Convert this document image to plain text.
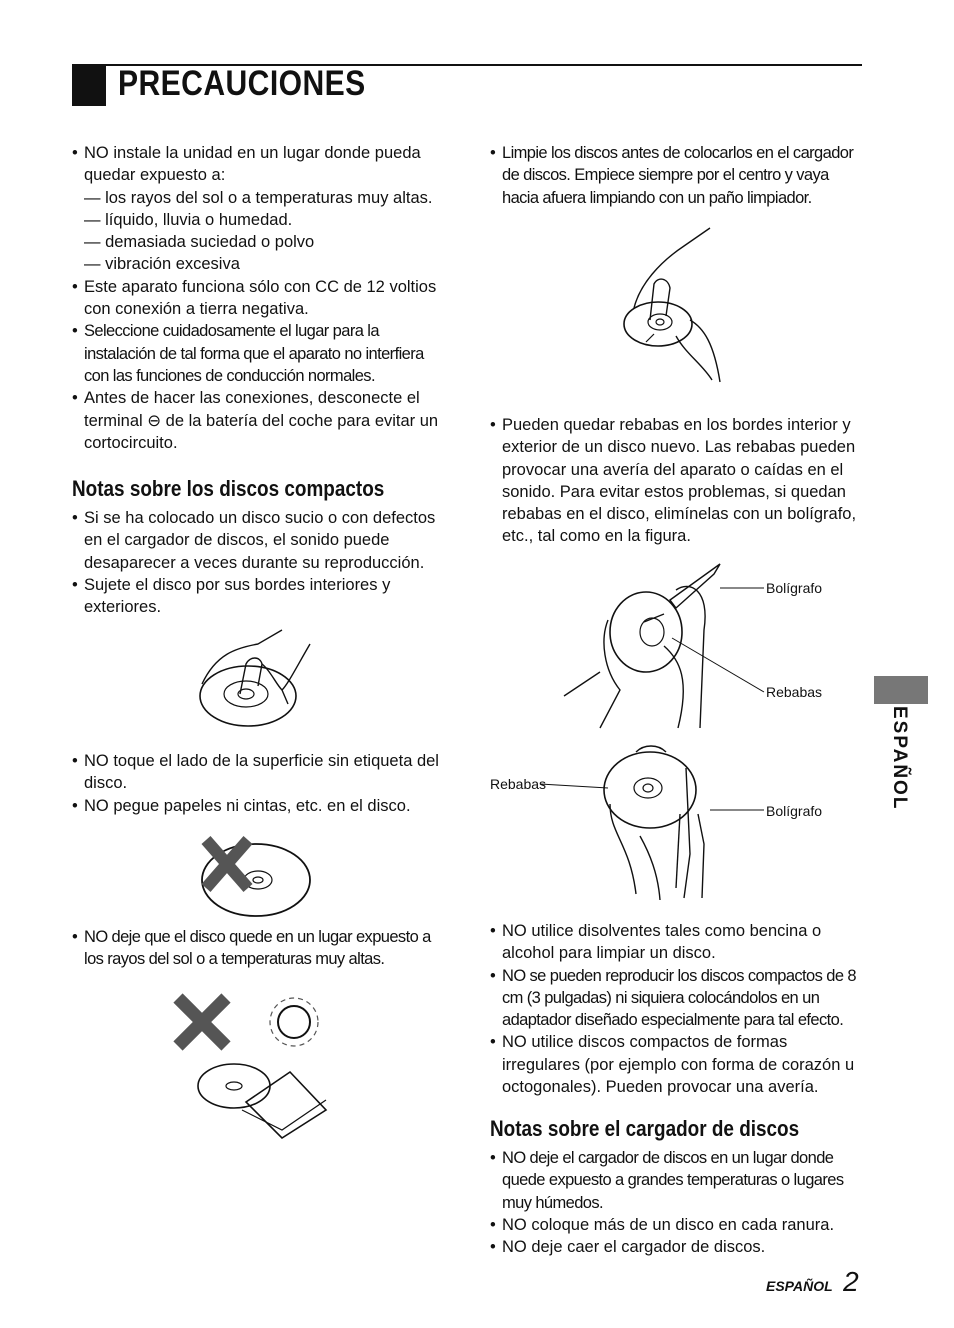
PRECAUCIONES

• NO instale la unidad en un lugar donde pueda quedar expuesto a:

— los rayos del sol o a temperaturas muy altas.

— líquido, lluvia o humedad.

— demasiada suciedad o polvo

— vibración excesiva

• Este aparato funciona sólo con CC de 12 voltios con conexión a tierra negativa.

• Seleccione cuidadosamente el lugar para la instalación de tal forma que el aparato no interfiera con las funciones de conducción normales.

• Antes de hacer las conexiones, desconecte el terminal ⊖ de la batería del coche para evitar un cortocircuito.

Notas sobre los discos compactos

• Si se ha colocado un disco sucio o con defectos en el cargador de discos, el sonido puede desaparecer a veces durante su reproducción.

• Sujete el disco por sus bordes interiores y exteriores.

• NO toque el lado de la superficie sin etiqueta del disco.

• NO pegue papeles ni cintas, etc. en el disco.

• NO deje que el disco quede en un lugar expuesto a los rayos del sol o a temperaturas muy altas.

• Limpie los discos antes de colocarlos en el cargador de discos. Empiece siempre por el centro y vaya hacia afuera limpiando con un paño limpiador.

• Pueden quedar rebabas en los bordes interior y exterior de un disco nuevo. Las rebabas pueden provocar una avería del aparato o caídas en el sonido. Para evitar estos problemas, si quedan rebabas en el disco, elimínelas con un bolígrafo, etc., tal como en la figura.

Bolígrafo
Rebabas
Rebabas
Bolígrafo

• NO utilice disolventes tales como bencina o alcohol para limpiar un disco.

• NO se pueden reproducir los discos compactos de 8 cm (3 pulgadas) ni siquiera colocándolos en un adaptador diseñado especialmente para tal efecto.

• NO utilice discos compactos de formas irregulares (por ejemplo con forma de corazón u octogonales). Pueden provocar una avería.

Notas sobre el cargador de discos

• NO deje el cargador de discos en un lugar donde quede expuesto a grandes temperaturas o lugares muy húmedos.

• NO coloque más de un disco en cada ranura.

• NO deje caer el cargador de discos.

ESPAÑOL
ESPAÑOL 2
